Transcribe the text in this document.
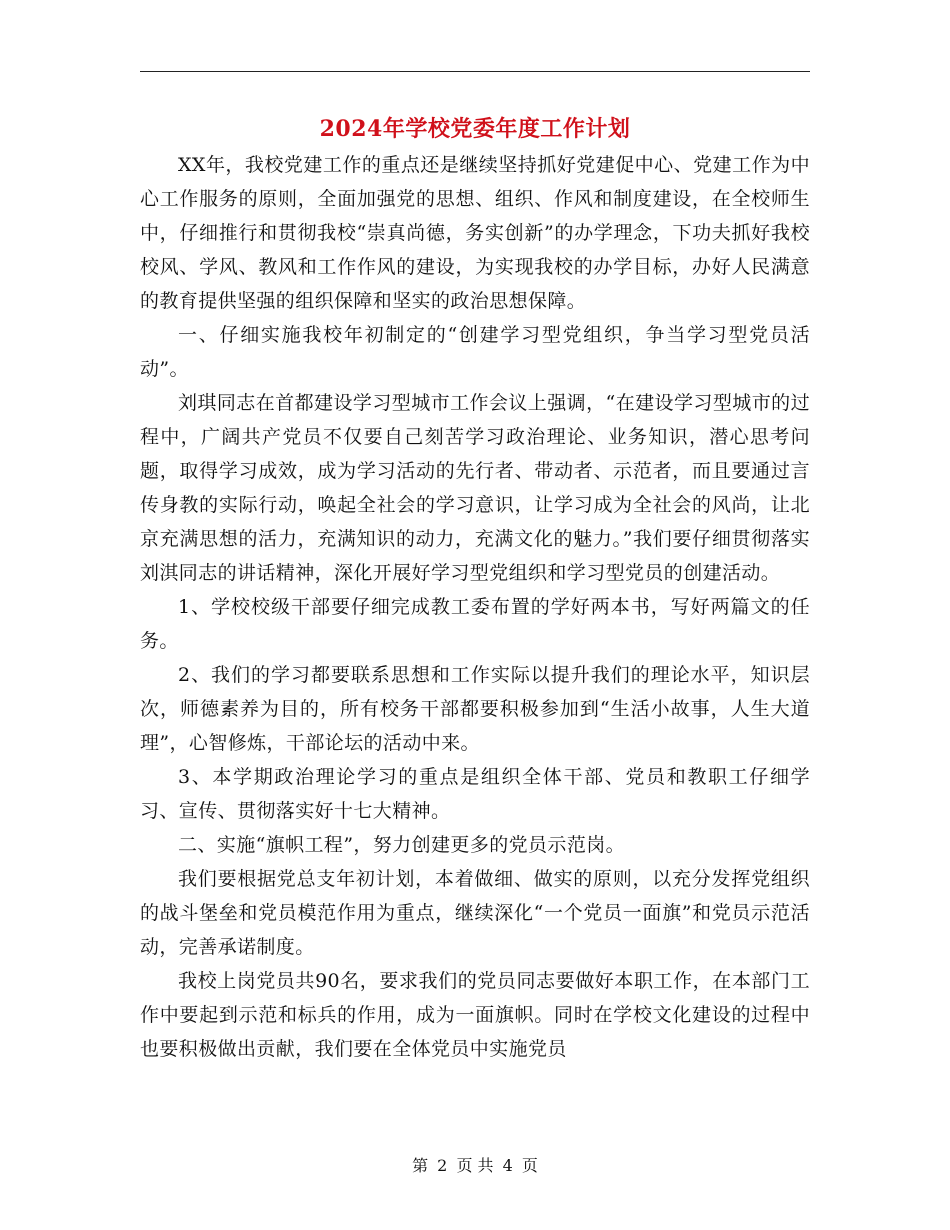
2024年学校党委年度工作计划

XX年，我校党建工作的重点还是继续坚持抓好党建促中心、党建工作为中心工作服务的原则，全面加强党的思想、组织、作风和制度建设，在全校师生中，仔细推行和贯彻我校“崇真尚德，务实创新”的办学理念，下功夫抓好我校校风、学风、教风和工作作风的建设，为实现我校的办学目标，办好人民满意的教育提供坚强的组织保障和坚实的政治思想保障。

一、仔细实施我校年初制定的“创建学习型党组织，争当学习型党员活动”。

刘琪同志在首都建设学习型城市工作会议上强调，“在建设学习型城市的过程中，广阔共产党员不仅要自己刻苦学习政治理论、业务知识，潜心思考问题，取得学习成效，成为学习活动的先行者、带动者、示范者，而且要通过言传身教的实际行动，唤起全社会的学习意识，让学习成为全社会的风尚，让北京充满思想的活力，充满知识的动力，充满文化的魅力。”我们要仔细贯彻落实刘淇同志的讲话精神，深化开展好学习型党组织和学习型党员的创建活动。

1、学校校级干部要仔细完成教工委布置的学好两本书，写好两篇文的任务。

2、我们的学习都要联系思想和工作实际以提升我们的理论水平，知识层次，师德素养为目的，所有校务干部都要积极参加到“生活小故事，人生大道理”，心智修炼，干部论坛的活动中来。

3、本学期政治理论学习的重点是组织全体干部、党员和教职工仔细学习、宣传、贯彻落实好十七大精神。

二、实施“旗帜工程”，努力创建更多的党员示范岗。

我们要根据党总支年初计划，本着做细、做实的原则，以充分发挥党组织的战斗堡垒和党员模范作用为重点，继续深化“一个党员一面旗”和党员示范活动，完善承诺制度。

我校上岗党员共90名，要求我们的党员同志要做好本职工作，在本部门工作中要起到示范和标兵的作用，成为一面旗帜。同时在学校文化建设的过程中也要积极做出贡献，我们要在全体党员中实施党员

第 2 页 共 4 页
